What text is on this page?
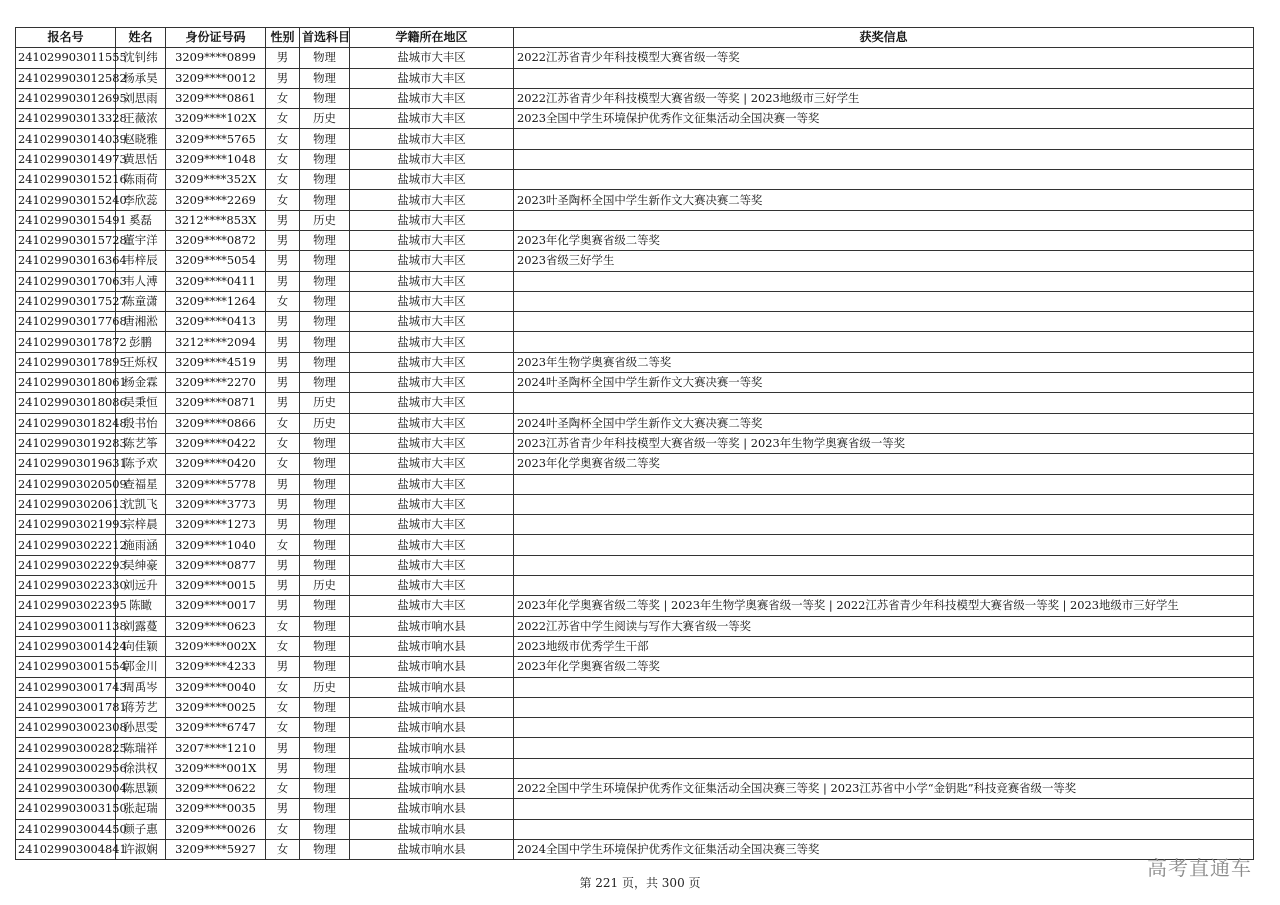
报名号	姓名	身份证号码	性别	首选科目	学籍所在地区	获奖信息
241029903011555	沈钊纬	3209****0899	男	物理	盐城市大丰区	2022江苏省青少年科技模型大赛省级一等奖
241029903012582	杨承昊	3209****0012	男	物理	盐城市大丰区	
241029903012695	刘思雨	3209****0861	女	物理	盐城市大丰区	2022江苏省青少年科技模型大赛省级一等奖 | 2023地级市三好学生
241029903013328	王薇浓	3209****102X	女	历史	盐城市大丰区	2023全国中学生环境保护优秀作文征集活动全国决赛一等奖
241029903014039	赵晓雅	3209****5765	女	物理	盐城市大丰区	
241029903014973	黄思恬	3209****1048	女	物理	盐城市大丰区	
241029903015216	陈雨荷	3209****352X	女	物理	盐城市大丰区	
241029903015240	李欣蕊	3209****2269	女	物理	盐城市大丰区	2023叶圣陶杯全国中学生新作文大赛决赛二等奖
241029903015491	奚磊	3212****853X	男	历史	盐城市大丰区	
241029903015728	董宇洋	3209****0872	男	物理	盐城市大丰区	2023年化学奥赛省级二等奖
241029903016364	韦梓辰	3209****5054	男	物理	盐城市大丰区	2023省级三好学生
241029903017063	韦人溥	3209****0411	男	物理	盐城市大丰区	
241029903017527	陈童潇	3209****1264	女	物理	盐城市大丰区	
241029903017768	唐湘淞	3209****0413	男	物理	盐城市大丰区	
241029903017872	彭鹏	3212****2094	男	物理	盐城市大丰区	
241029903017895	王烁权	3209****4519	男	物理	盐城市大丰区	2023年生物学奥赛省级二等奖
241029903018061	杨金霖	3209****2270	男	物理	盐城市大丰区	2024叶圣陶杯全国中学生新作文大赛决赛一等奖
241029903018086	吴秉恒	3209****0871	男	历史	盐城市大丰区	
241029903018248	殷书怡	3209****0866	女	历史	盐城市大丰区	2024叶圣陶杯全国中学生新作文大赛决赛二等奖
241029903019283	陈艺筝	3209****0422	女	物理	盐城市大丰区	2023江苏省青少年科技模型大赛省级一等奖 | 2023年生物学奥赛省级一等奖
241029903019631	陈予欢	3209****0420	女	物理	盐城市大丰区	2023年化学奥赛省级二等奖
241029903020509	查福星	3209****5778	男	物理	盐城市大丰区	
241029903020613	沈凯飞	3209****3773	男	物理	盐城市大丰区	
241029903021993	宗梓晨	3209****1273	男	物理	盐城市大丰区	
241029903022212	施雨涵	3209****1040	女	物理	盐城市大丰区	
241029903022293	吴绅豪	3209****0877	男	物理	盐城市大丰区	
241029903022330	刘远升	3209****0015	男	历史	盐城市大丰区	
241029903022395	陈瞰	3209****0017	男	物理	盐城市大丰区	2023年化学奥赛省级二等奖 | 2023年生物学奥赛省级一等奖 | 2022江苏省青少年科技模型大赛省级一等奖 | 2023地级市三好学生
241029903001138	刘露蔓	3209****0623	女	物理	盐城市响水县	2022江苏省中学生阅读与写作大赛省级一等奖
241029903001424	向佳颖	3209****002X	女	物理	盐城市响水县	2023地级市优秀学生干部
241029903001554	郭金川	3209****4233	男	物理	盐城市响水县	2023年化学奥赛省级二等奖
241029903001743	周禹岑	3209****0040	女	历史	盐城市响水县	
241029903001781	蒋芳艺	3209****0025	女	物理	盐城市响水县	
241029903002308	孙思雯	3209****6747	女	物理	盐城市响水县	
241029903002825	陈瑞祥	3207****1210	男	物理	盐城市响水县	
241029903002956	徐洪权	3209****001X	男	物理	盐城市响水县	
241029903003004	陈思颖	3209****0622	女	物理	盐城市响水县	2022全国中学生环境保护优秀作文征集活动全国决赛三等奖 | 2023江苏省中小学“金钥匙”科技竞赛省级一等奖
241029903003150	张起瑞	3209****0035	男	物理	盐城市响水县	
241029903004450	颜子惠	3209****0026	女	物理	盐城市响水县	
241029903004841	许淑娴	3209****5927	女	物理	盐城市响水县	2024全国中学生环境保护优秀作文征集活动全国决赛三等奖
第 221 页，共 300 页
高考直通车
